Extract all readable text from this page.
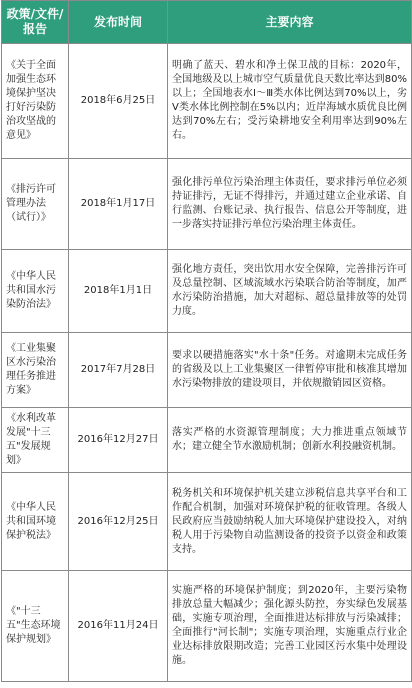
政策/文件/报告	发布时间	主要内容
《关于全面加强生态环境保护坚决打好污染防治攻坚战的意见》	2018年6月25日	明确了蓝天、碧水和净土保卫战的目标：2020年，全国地级及以上城市空气质量优良天数比率达到80%以上；全国地表水Ⅰ～Ⅲ类水体比例达到70%以上，劣Ⅴ类水体比例控制在5%以内；近岸海域水质优良比例达到70%左右；受污染耕地安全利用率达到90%左右。
《排污许可管理办法（试行）》	2018年1月17日	强化排污单位污染治理主体责任，要求排污单位必须持证排污，无证不得排污，并通过建立企业承诺、自行监测、台账记录、执行报告、信息公开等制度，进一步落实持证排污单位污染治理主体责任。
《中华人民共和国水污染防治法》	2018年1月1日	强化地方责任，突出饮用水安全保障，完善排污许可及总量控制、区域流域水污染联合防治等制度，加严水污染防治措施，加大对超标、超总量排放等的处罚力度。
《工业集聚区水污染治理任务推进方案》	2017年7月28日	要求以硬措施落实"水十条"任务。对逾期未完成任务的省级及以上工业集聚区一律暂停审批和核准其增加水污染物排放的建设项目，并依规撤销园区资格。
《水利改革发展"十三五"发展规划》	2016年12月27日	落实严格的水资源管理制度；大力推进重点领域节水；建立健全节水激励机制；创新水利投融资机制。
《中华人民共和国环境保护税法》	2016年12月25日	税务机关和环境保护机关建立涉税信息共享平台和工作配合机制，加强对环境保护税的征收管理。各级人民政府应当鼓励纳税人加大环境保护建设投入，对纳税人用于污染物自动监测设备的投资予以资金和政策支持。
《"十三五"生态环境保护规划》	2016年11月24日	实施严格的环境保护制度；到2020年，主要污染物排放总量大幅减少；强化源头防控，夯实绿色发展基础，实施专项治理，全面推进达标排放与污染减排；全面推行"河长制"；实施专项治理，实施重点行业企业达标排放限期改造；完善工业园区污水集中处理设施。
